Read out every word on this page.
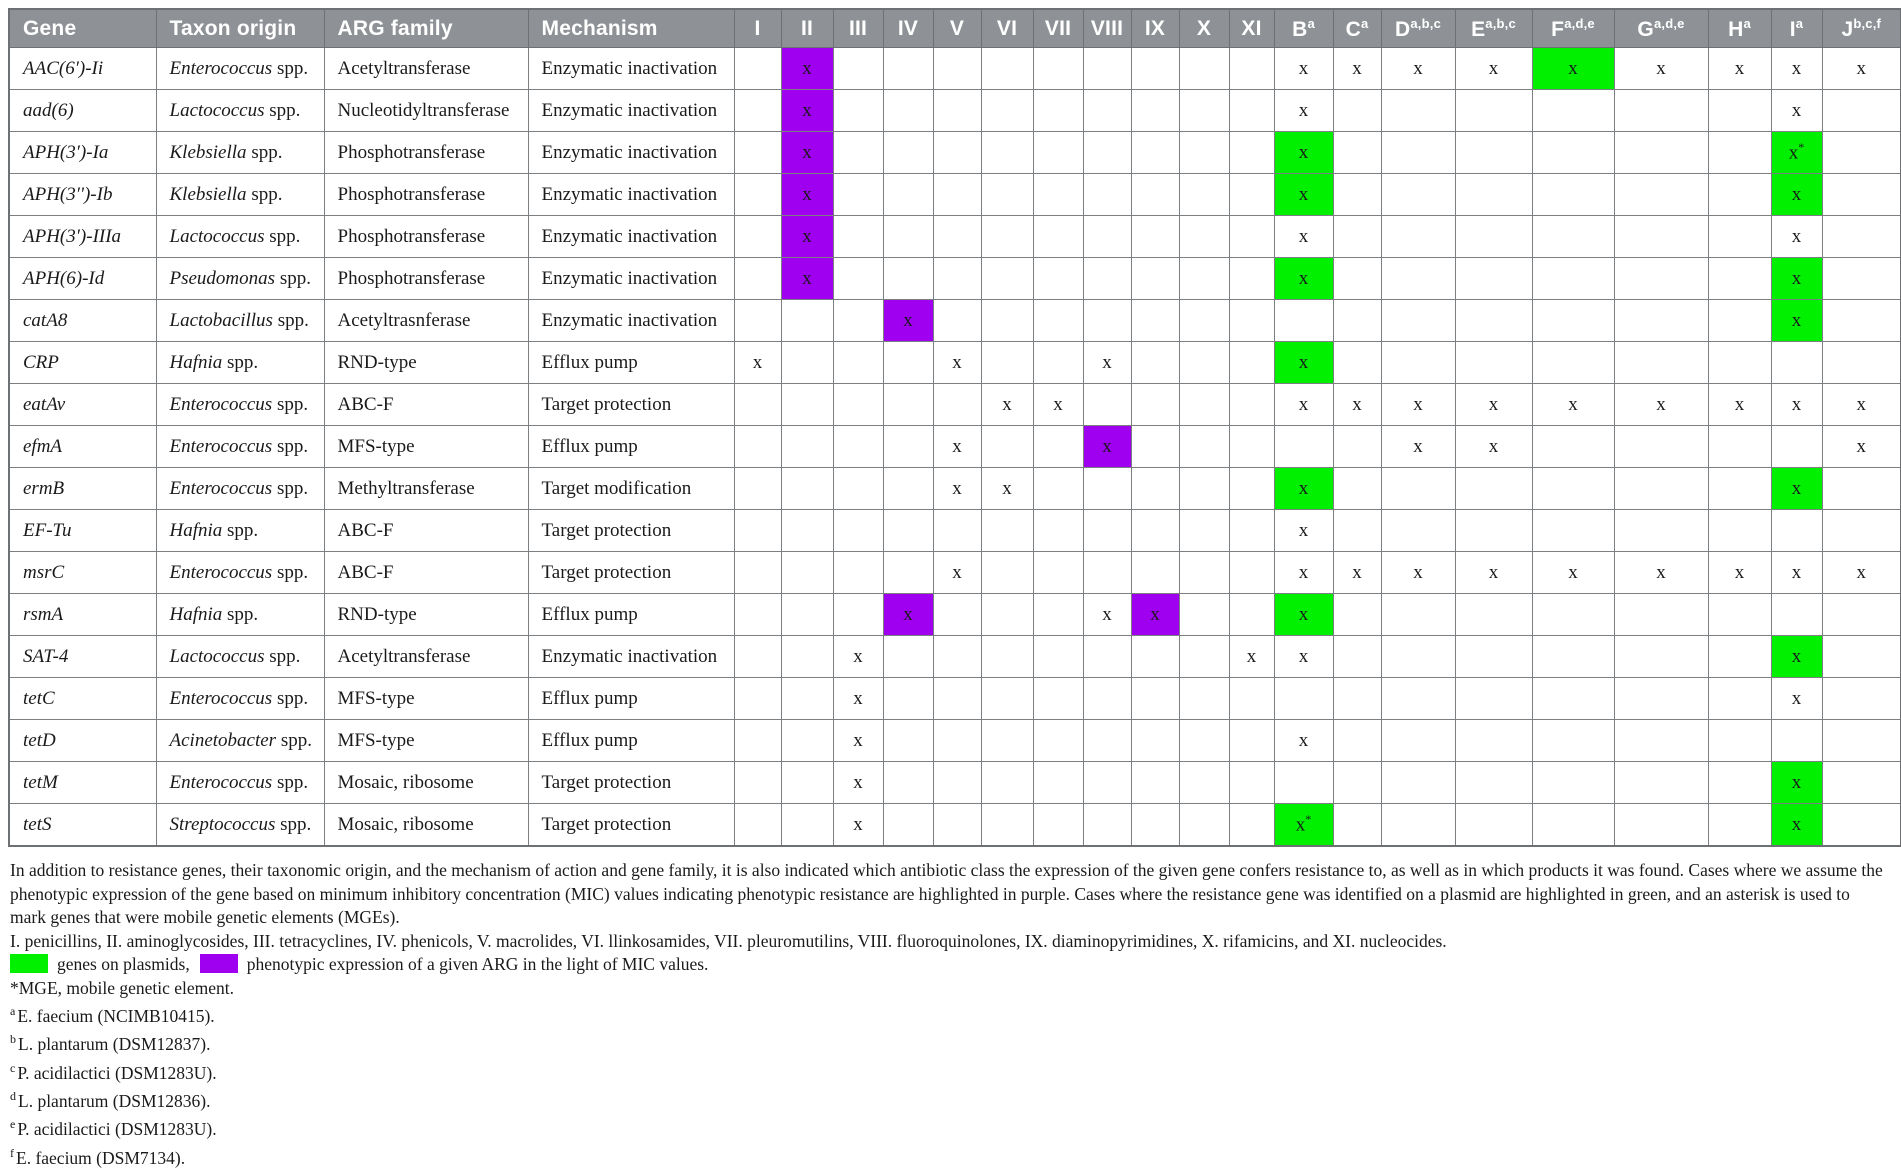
Gene	Taxon origin	ARG family	Mechanism	I	II	III	IV	V	VI	VII	VIII	IX	X	XI	$B^a$	$C^a$	D$^{a,b,c}$	E$^{a,b,c}$	F$^{a,d,e}$	G$^{a,d,e}$	$H^a$	$I^a$	J$^{b,c,f}$
AAC(6′)-Ii	Enterococcus spp.	Acetyltransferase	Enzymatic inactivation		x										x	x	x	x	x	x	x	x	x
aad(6)	Lactococcus spp.	Nucleotidyltransferase	Enzymatic inactivation		x										x							x	
APH(3′)-Ia	Klebsiella spp.	Phosphotransferase	Enzymatic inactivation		x										x							x*	
APH(3′')-Ib	Klebsiella spp.	Phosphotransferase	Enzymatic inactivation		x										x							x	
APH(3′)-IIIa	Lactococcus spp.	Phosphotransferase	Enzymatic inactivation		x										x							x	
APH(6)-Id	Pseudomonas spp.	Phosphotransferase	Enzymatic inactivation		x										x							x	
catA8	Lactobacillus spp.	Acetyltrasnferase	Enzymatic inactivation				x															x	
CRP	Hafnia spp.	RND-type	Efflux pump	x				x			x				x								
eatAv	Enterococcus spp.	ABC-F	Target protection						x	x					x	x	x	x	x	x	x	x	x
efmA	Enterococcus spp.	MFS-type	Efflux pump					x			x						x	x					x
ermB	Enterococcus spp.	Methyltransferase	Target modification					x	x						x							x	
EF-Tu	Hafnia spp.	ABC-F	Target protection												x								
msrC	Enterococcus spp.	ABC-F	Target protection					x							x	x	x	x	x	x	x	x	x
rsmA	Hafnia spp.	RND-type	Efflux pump				x				x	x			x								
SAT-4	Lactococcus spp.	Acetyltransferase	Enzymatic inactivation			x								x	x							x	
tetC	Enterococcus spp.	MFS-type	Efflux pump			x																x	
tetD	Acinetobacter spp.	MFS-type	Efflux pump			x									x								
tetM	Enterococcus spp.	Mosaic, ribosome	Target protection			x																x	
tetS	Streptococcus spp.	Mosaic, ribosome	Target protection			x									x*							x	

In addition to resistance genes, their taxonomic origin, and the mechanism of action and gene family, it is also indicated which antibiotic class the expression of the given gene confers resistance to, as well as in which products it was found. Cases where we assume the phenotypic expression of the gene based on minimum inhibitory concentration (MIC) values indicating phenotypic resistance are highlighted in purple. Cases where the resistance gene was identified on a plasmid are highlighted in green, and an asterisk is used to mark genes that were mobile genetic elements (MGEs).

I. penicillins, II. aminoglycosides, III. tetracyclines, IV. phenicols, V. macrolides, VI. llinkosamides, VII. pleuromutilins, VIII. fluoroquinolones, IX. diaminopyrimidines, X. rifamicins, and XI. nucleocides.

genes on plasmids,	phenotypic expression of a given ARG in the light of MIC values.

*MGE, mobile genetic element.

$^a$ E. faecium (NCIMB10415).

$^b$ L. plantarum (DSM12837).

$^c$ P. acidilactici (DSM1283U).

$^d$ L. plantarum (DSM12836).

$^e$ P. acidilactici (DSM1283U).

$^f$ E. faecium (DSM7134).
